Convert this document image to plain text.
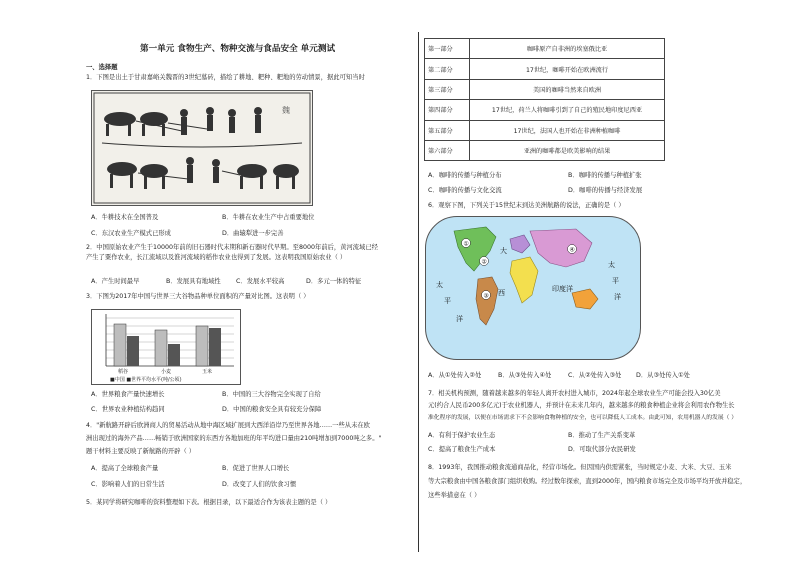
第一单元 食物生产、物种交流与食品安全 单元测试
一、选择题
1．下图是出土于甘肃嘉峪关魏晋的3世纪墓砖，描绘了耕地、耙种、耙地的劳动情景，据此可知当时
魏
A．牛耕技术在全国普及	B．牛耕在农业生产中占重要地位
C．东汉农业生产模式已形成	D．曲辕犁进一步完善
2．中国原始农业产生于10000年前的旧石器时代末期和新石器时代早期。至8000年前后，黄河流域已经
产生了粟作农业，长江流域以及淮河流域的稻作农业也得到了发展。这表明我国原始农业（ ）
A．产生时间最早	B．发展具有地域性 C．发展水平较高	D．多元一体的特征
3．下图为2017年中国与世界三大谷物品种单位面积的产量对比图。这表明（ ）
稻谷	小麦	玉米
■中国 ■世界平均水平(吨/公顷)
A．世界粮食产量快速增长	B．中国的三大谷物完全实现了自给
C．世界农业种植结构趋同	D．中国的粮食安全具有较充分保障
4．"新航路开辟后欧洲商人的贸易活动从地中海区域扩展到大西洋沿岸乃至世界各地……一些从未在欧
洲出现过的海外产品……畅销于欧洲国家的东西方各地加班的年平均进口量由210吨增加到7000吨之多。"
题干材料主要反映了新航路的开辟（ ）
A．提高了全球粮食产量	B．促进了世界人口增长
C．影响着人们的日常生活	D．改变了人们的饮食习惯
5．某同学将研究咖啡的资料整理如下表。根据目录，以下最适合作为该表主题的是（ ）
第一部分	咖啡原产自非洲的埃塞俄比亚
第二部分	17世纪，咖啡开始在欧洲流行
第三部分	美国的咖啡当然来自欧洲
第四部分	17世纪，荷兰人将咖啡引到了自己的殖民地印度尼西亚
第五部分	17世纪，法国人也开始在非洲种植咖啡
第六部分	亚洲的咖啡都是欧美影响的结果
A．咖啡的传播与种植分布	B．咖啡的传播与种植扩张
C．咖啡的传播与文化交流	D．咖啡的传播与经济发展
6．观察下图，下列关于15世纪末到达美洲航路的说法，正确的是（ ）
①
②
③
④
太
平
洋
大
西	印度洋
太
平
洋
A．从①处传入②处	B．从③处传入④处	C．从②处传入③处 D．从③处传入①处
7．相关机构预测，随着越来越多的年轻人离开农村进入城市，2024年起全球农业生产可能会投入30亿美
元(约合人民币200多亿元)于农业机器人，并预计在未来几年内，越来越多的粮食种植企业将会利用农作物生长
准化程序的发展，以便在市场需求下不会影响食物种植的安全，也可以降低人工成本。由此可知，农用机器人的发展（ ）
A．有利于保护农业生态	B．推动了生产关系变革
C．提高了粮食生产成本	D．可取代部分农民研发
8．1993年，我国推动粮食流通商品化，经营市场化。但因国内供需紧张，当时规定小麦、大米、大豆、玉米
等大宗粮食由中国各粮食部门组织收购。经过数年探索，直到2000年，国内粮食市场完全及市场平均开放并稳定，
这些举措意在（ ）
